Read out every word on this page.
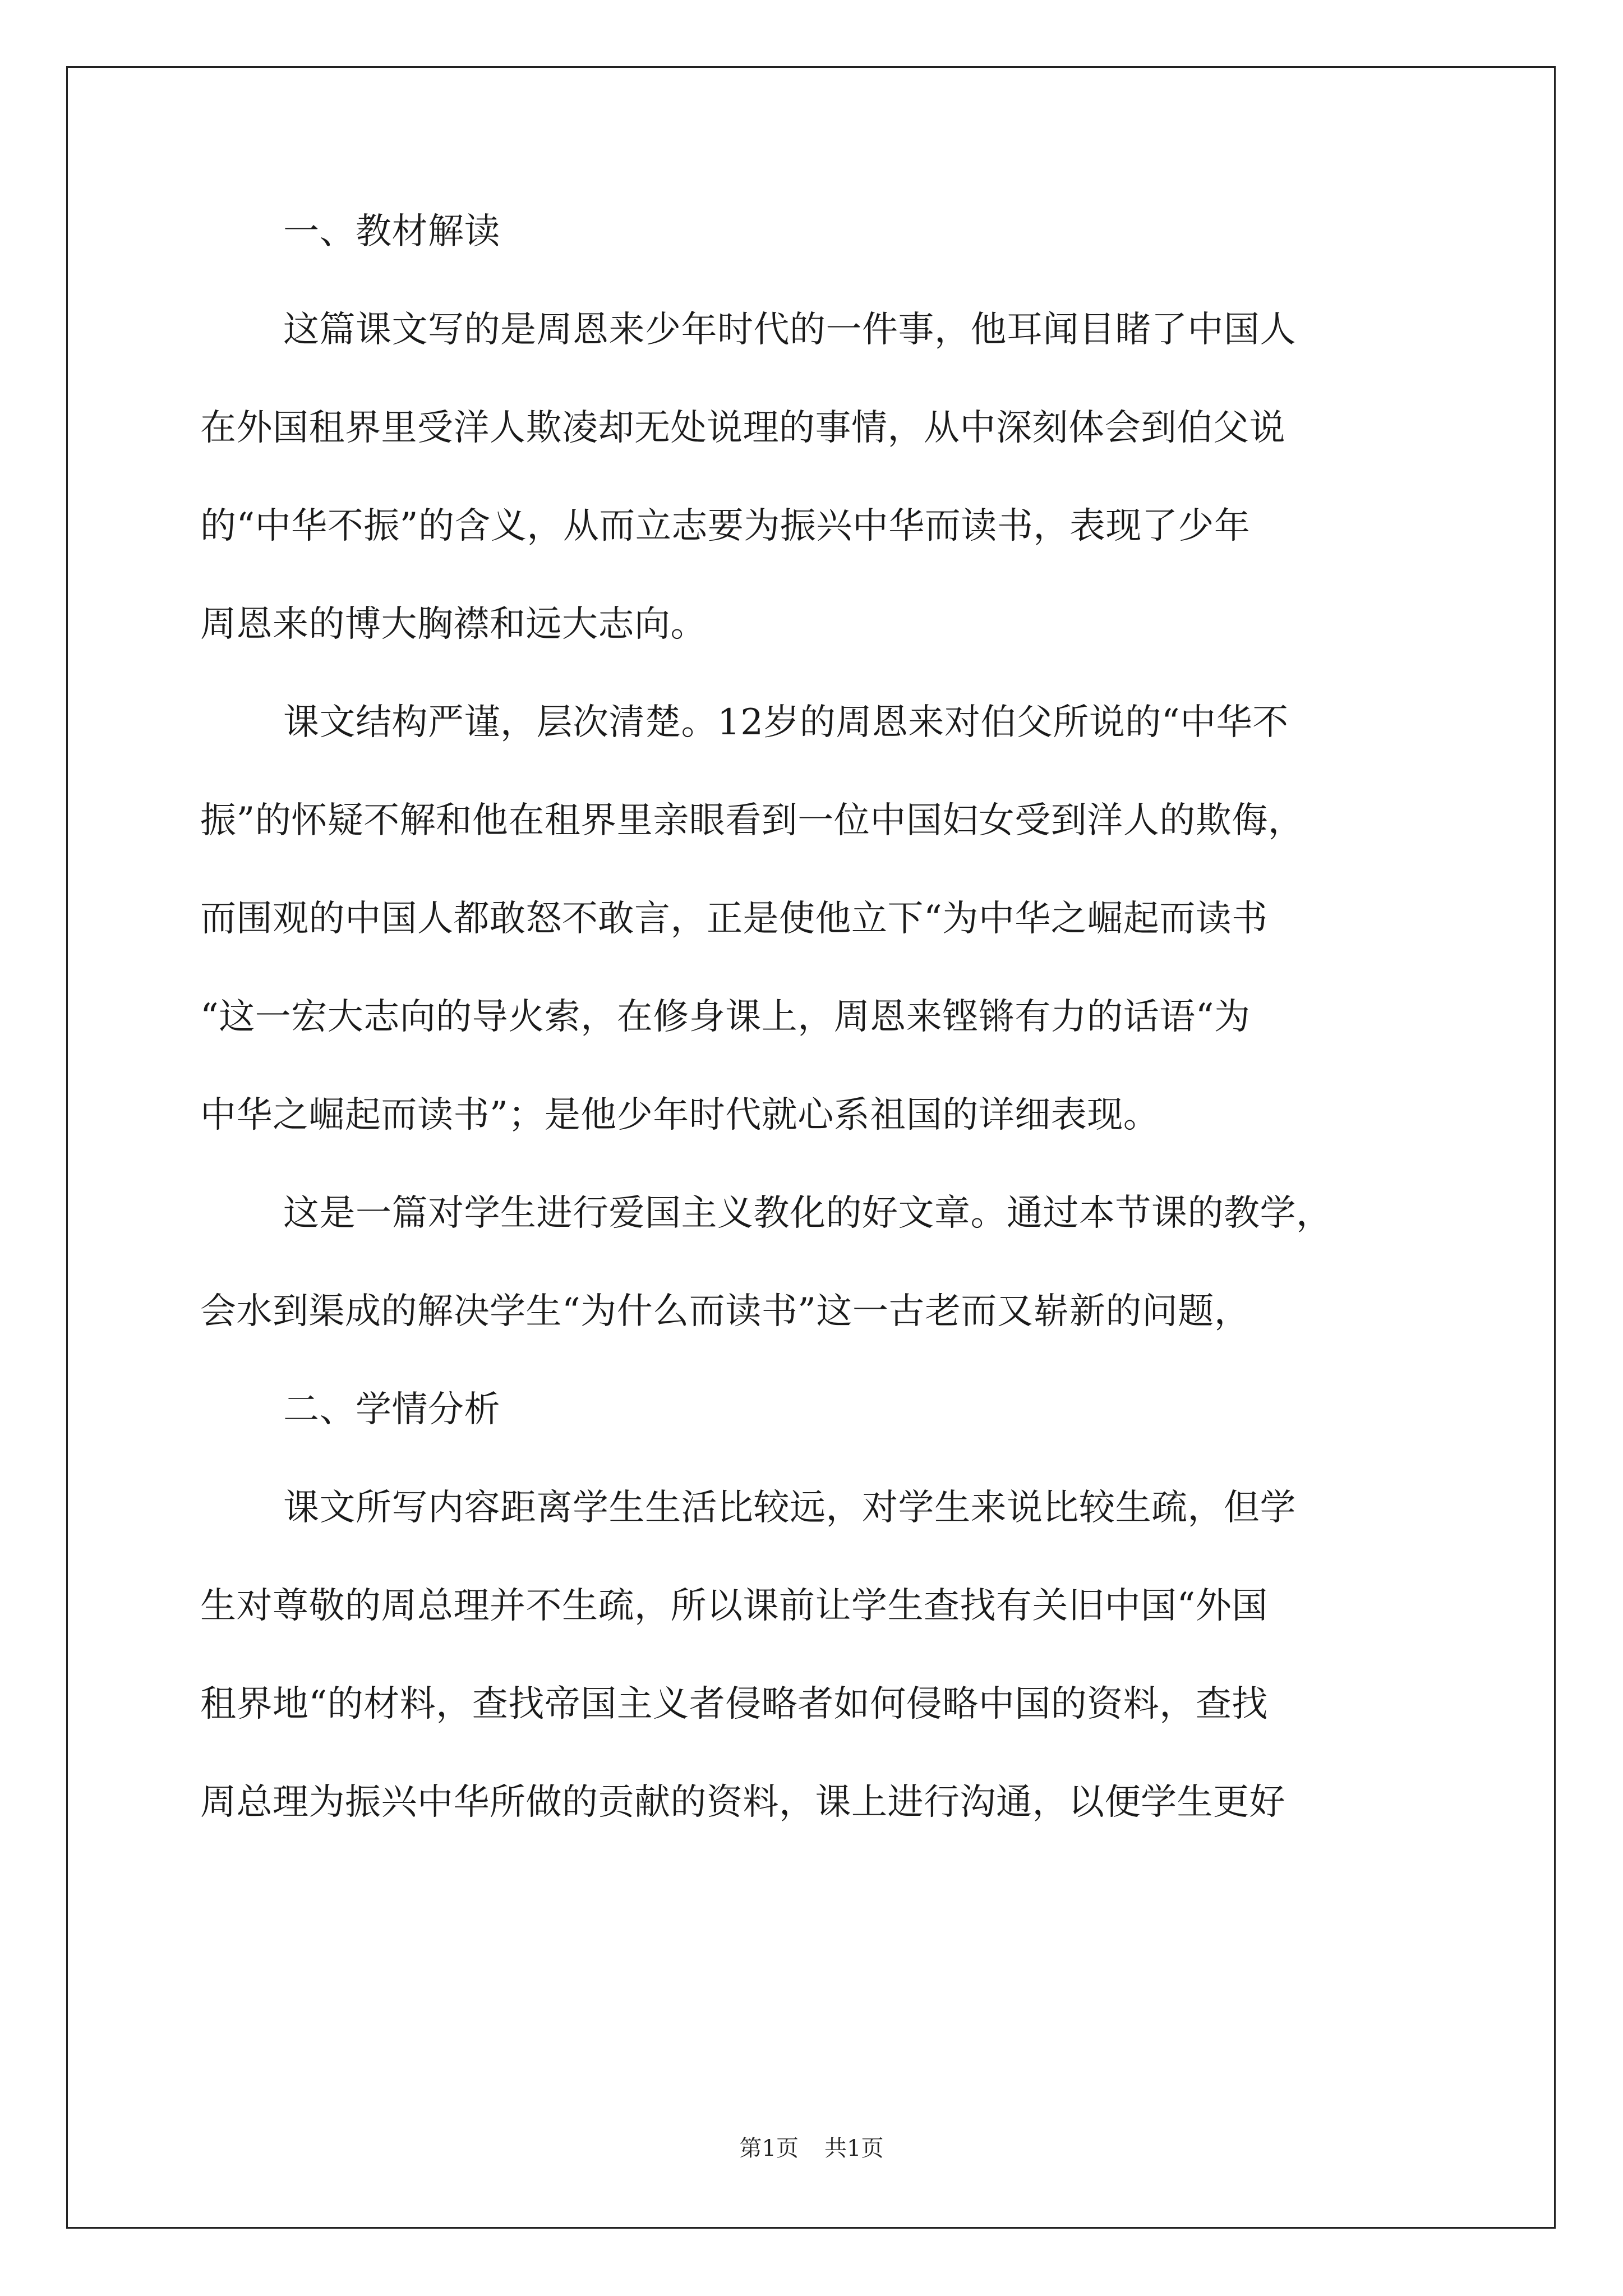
一、教材解读
这篇课文写的是周恩来少年时代的一件事，他耳闻目睹了中国人
在外国租界里受洋人欺凌却无处说理的事情，从中深刻体会到伯父说
的“中华不振”的含义，从而立志要为振兴中华而读书，表现了少年
周恩来的博大胸襟和远大志向。
课文结构严谨，层次清楚。12岁的周恩来对伯父所说的“中华不
振”的怀疑不解和他在租界里亲眼看到一位中国妇女受到洋人的欺侮，
而围观的中国人都敢怒不敢言，正是使他立下“为中华之崛起而读书
“这一宏大志向的导火索，在修身课上，周恩来铿锵有力的话语“为
中华之崛起而读书”；是他少年时代就心系祖国的详细表现。
这是一篇对学生进行爱国主义教化的好文章。通过本节课的教学，
会水到渠成的解决学生“为什么而读书”这一古老而又崭新的问题，
二、学情分析
课文所写内容距离学生生活比较远，对学生来说比较生疏，但学
生对尊敬的周总理并不生疏，所以课前让学生查找有关旧中国“外国
租界地“的材料，查找帝国主义者侵略者如何侵略中国的资料，查找
周总理为振兴中华所做的贡献的资料，课上进行沟通，以便学生更好
第1页 共1页
